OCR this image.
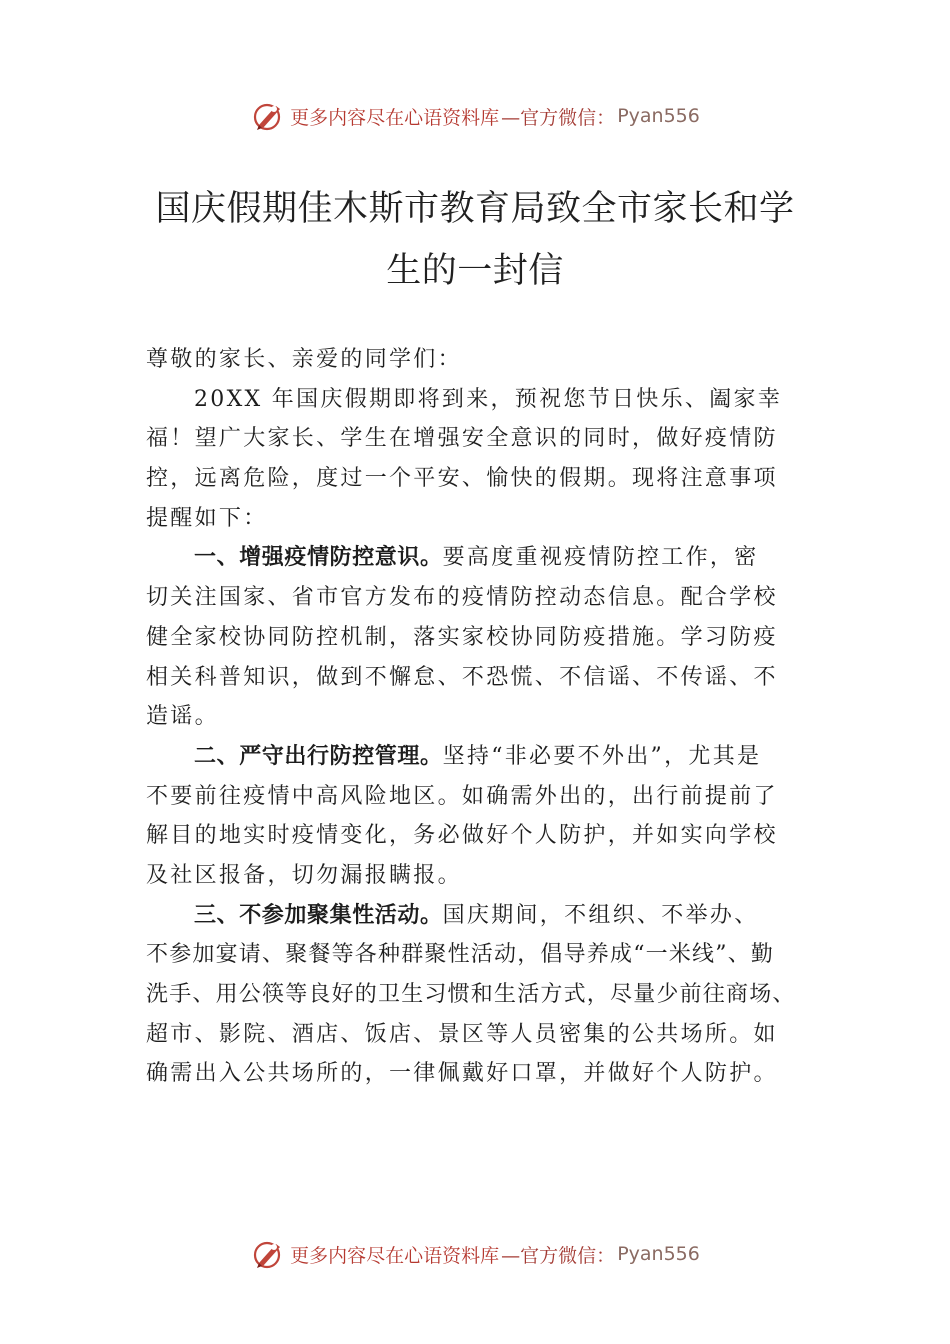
更多内容尽在心语资料库 —官方微信： Pyan556
国庆假期佳木斯市教育局致全市家长和学
生的一封信
尊敬的家长、亲爱的同学们：
20XX 年国庆假期即将到来，预祝您节日快乐、阖家幸
福！望广大家长、学生在增强安全意识的同时，做好疫情防
控，远离危险，度过一个平安、愉快的假期。现将注意事项
提醒如下：
一、增强疫情防控意识。要高度重视疫情防控工作，密
切关注国家、省市官方发布的疫情防控动态信息。配合学校
健全家校协同防控机制，落实家校协同防疫措施。学习防疫
相关科普知识，做到不懈怠、不恐慌、不信谣、不传谣、不
造谣。
二、严守出行防控管理。坚持“非必要不外出”，尤其是
不要前往疫情中高风险地区。如确需外出的，出行前提前了
解目的地实时疫情变化，务必做好个人防护，并如实向学校
及社区报备，切勿漏报瞒报。
三、不参加聚集性活动。国庆期间，不组织、不举办、
不参加宴请、聚餐等各种群聚性活动，倡导养成“一米线”、勤
洗手、用公筷等良好的卫生习惯和生活方式，尽量少前往商场、
超市、影院、酒店、饭店、景区等人员密集的公共场所。如
确需出入公共场所的，一律佩戴好口罩，并做好个人防护。
更多内容尽在心语资料库 —官方微信： Pyan556
